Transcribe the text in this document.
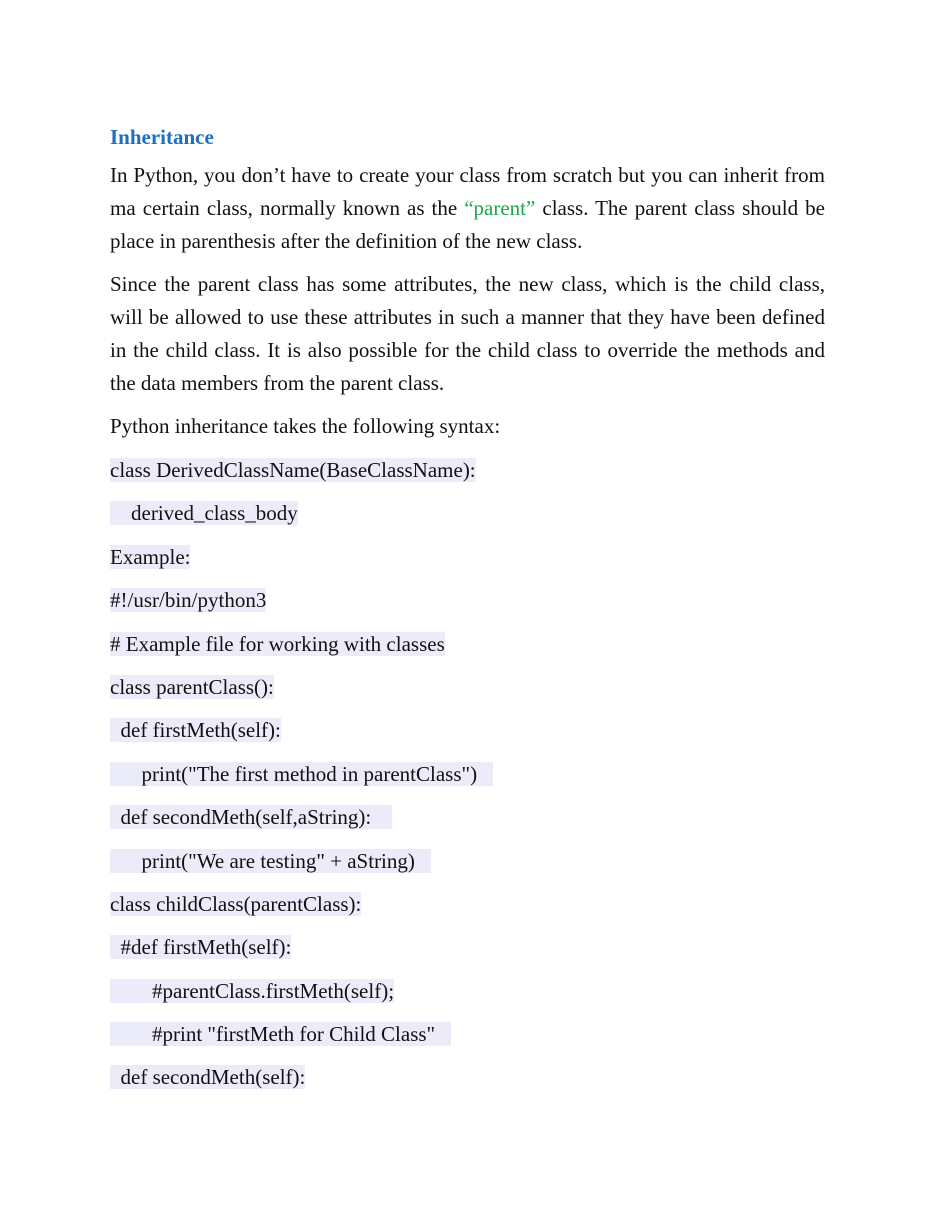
Inheritance

In Python, you don’t have to create your class from scratch but you can inherit from ma certain class, normally known as the “parent” class. The parent class should be place in parenthesis after the definition of the new class.

Since the parent class has some attributes, the new class, which is the child class, will be allowed to use these attributes in such a manner that they have been defined in the child class. It is also possible for the child class to override the methods and the data members from the parent class.

Python inheritance takes the following syntax:

class DerivedClassName(BaseClassName):
derived_class_body
Example:
#!/usr/bin/python3
# Example file for working with classes
class parentClass():
def firstMeth(self):
print("The first method in parentClass")
def secondMeth(self,aString):
print("We are testing" + aString)
class childClass(parentClass):
#def firstMeth(self):
#parentClass.firstMeth(self);
#print "firstMeth for Child Class"
def secondMeth(self):
